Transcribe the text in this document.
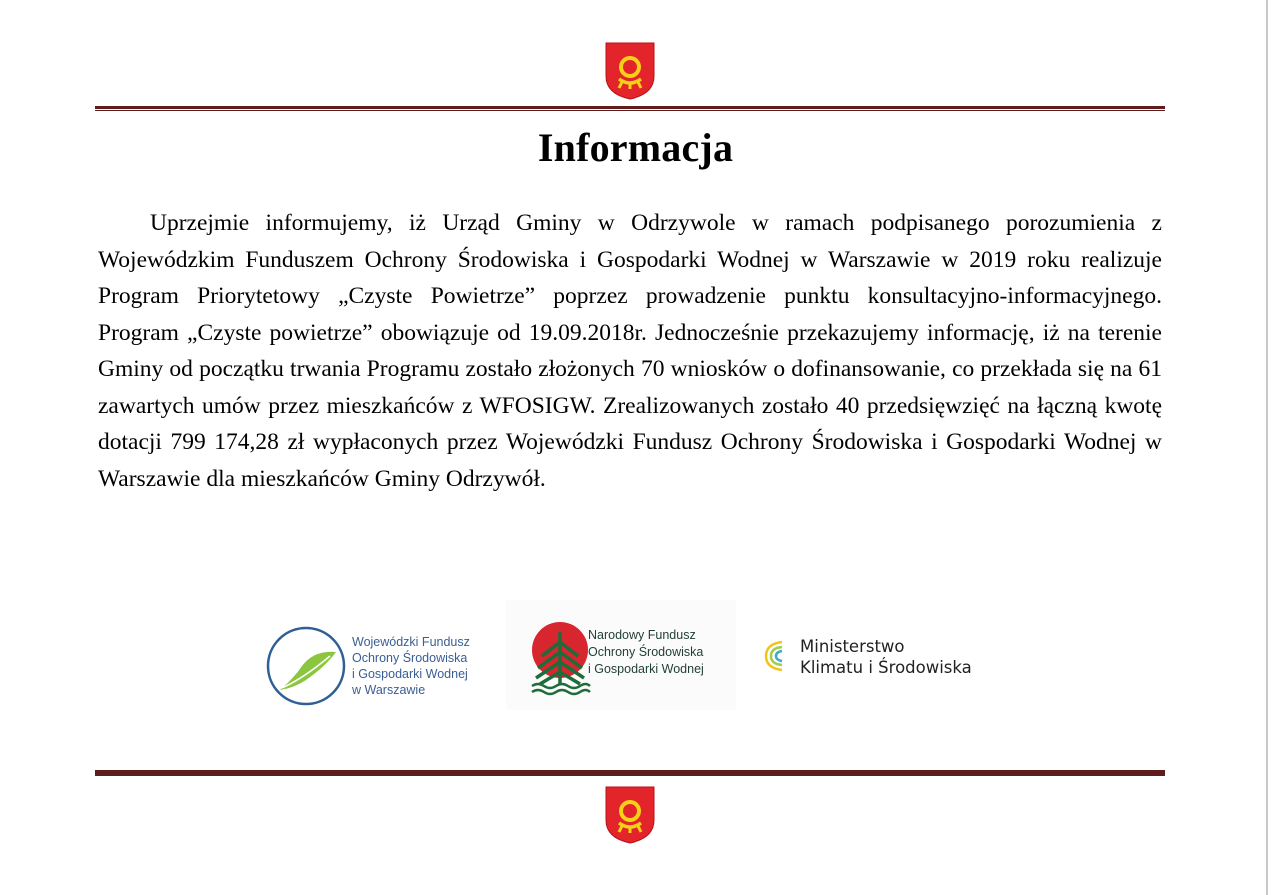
Informacja

Uprzejmie informujemy, iż Urząd Gminy w Odrzywole w ramach podpisanego porozumienia z Wojewódzkim Funduszem Ochrony Środowiska i Gospodarki Wodnej w Warszawie w 2019 roku realizuje Program Priorytetowy „Czyste Powietrze” poprzez prowadzenie punktu konsultacyjno-informacyjnego. Program „Czyste powietrze” obowiązuje od 19.09.2018r. Jednocześnie przekazujemy informację, iż na terenie Gminy od początku trwania Programu zostało złożonych 70 wniosków o dofinansowanie, co przekłada się na 61 zawartych umów przez mieszkańców z WFOSIGW. Zrealizowanych zostało 40 przedsięwzięć na łączną kwotę dotacji 799 174,28 zł wypłaconych przez Wojewódzki Fundusz Ochrony Środowiska i Gospodarki Wodnej w Warszawie dla mieszkańców Gminy Odrzywół.

Wojewódzki Fundusz
Ochrony Środowiska
i Gospodarki Wodnej
w Warszawie
Narodowy Fundusz
Ochrony Środowiska
i Gospodarki Wodnej
Ministerstwo
Klimatu i Środowiska
